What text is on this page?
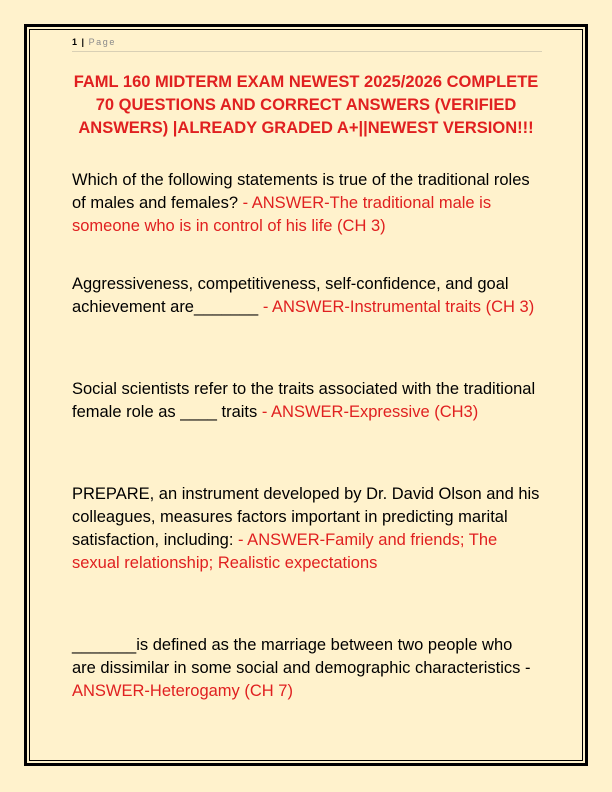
1 | Page
FAML 160 MIDTERM EXAM NEWEST 2025/2026 COMPLETE 70 QUESTIONS AND CORRECT ANSWERS (VERIFIED ANSWERS) |ALREADY GRADED A+||NEWEST VERSION!!!
Which of the following statements is true of the traditional roles of males and females? - ANSWER-The traditional male is someone who is in control of his life (CH 3)
Aggressiveness, competitiveness, self-confidence, and goal achievement are_______ - ANSWER-Instrumental traits (CH 3)
Social scientists refer to the traits associated with the traditional female role as ____ traits - ANSWER-Expressive (CH3)
PREPARE, an instrument developed by Dr. David Olson and his colleagues, measures factors important in predicting marital satisfaction, including: - ANSWER-Family and friends; The sexual relationship; Realistic expectations
_______is defined as the marriage between two people who are dissimilar in some social and demographic characteristics - ANSWER-Heterogamy (CH 7)
